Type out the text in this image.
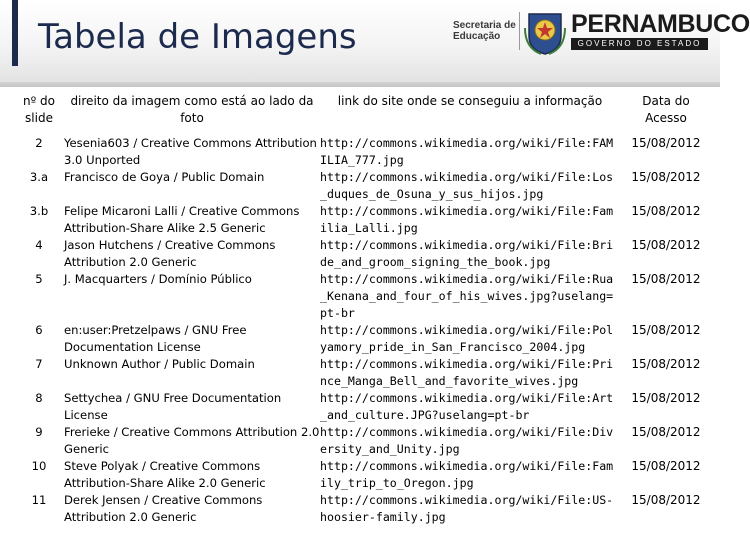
Tabela de Imagens	Secretaria de
Educação	PERNAMBUCO
GOVERNO DO ESTADO
nº do slide	direito da imagem como está ao lado da foto	link do site onde se conseguiu a informação	Data do Acesso
2	Yesenia603 / Creative Commons Attribution 3.0 Unported	http://commons.wikimedia.org/wiki/File:FAMILIA_777.jpg	15/08/2012
3.a	Francisco de Goya / Public Domain	http://commons.wikimedia.org/wiki/File:Los_duques_de_Osuna_y_sus_hijos.jpg	15/08/2012
3.b	Felipe Micaroni Lalli / Creative Commons Attribution-Share Alike 2.5 Generic	http://commons.wikimedia.org/wiki/File:Familia_Lalli.jpg	15/08/2012
4	Jason Hutchens / Creative Commons Attribution 2.0 Generic	http://commons.wikimedia.org/wiki/File:Bride_and_groom_signing_the_book.jpg	15/08/2012
5	J. Macquarters / Domínio Público	http://commons.wikimedia.org/wiki/File:Rua_Kenana_and_four_of_his_wives.jpg?uselang=pt-br	15/08/2012
6	en:user:Pretzelpaws / GNU Free Documentation License	http://commons.wikimedia.org/wiki/File:Polyamory_pride_in_San_Francisco_2004.jpg	15/08/2012
7	Unknown Author / Public Domain	http://commons.wikimedia.org/wiki/File:Prince_Manga_Bell_and_favorite_wives.jpg	15/08/2012
8	Settychea / GNU Free Documentation License	http://commons.wikimedia.org/wiki/File:Art_and_culture.JPG?uselang=pt-br	15/08/2012
9	Frerieke / Creative Commons Attribution 2.0 Generic	http://commons.wikimedia.org/wiki/File:Diversity_and_Unity.jpg	15/08/2012
10	Steve Polyak / Creative Commons Attribution-Share Alike 2.0 Generic	http://commons.wikimedia.org/wiki/File:Family_trip_to_Oregon.jpg	15/08/2012
11	Derek Jensen / Creative Commons Attribution 2.0 Generic	http://commons.wikimedia.org/wiki/File:US-hoosier-family.jpg	15/08/2012
